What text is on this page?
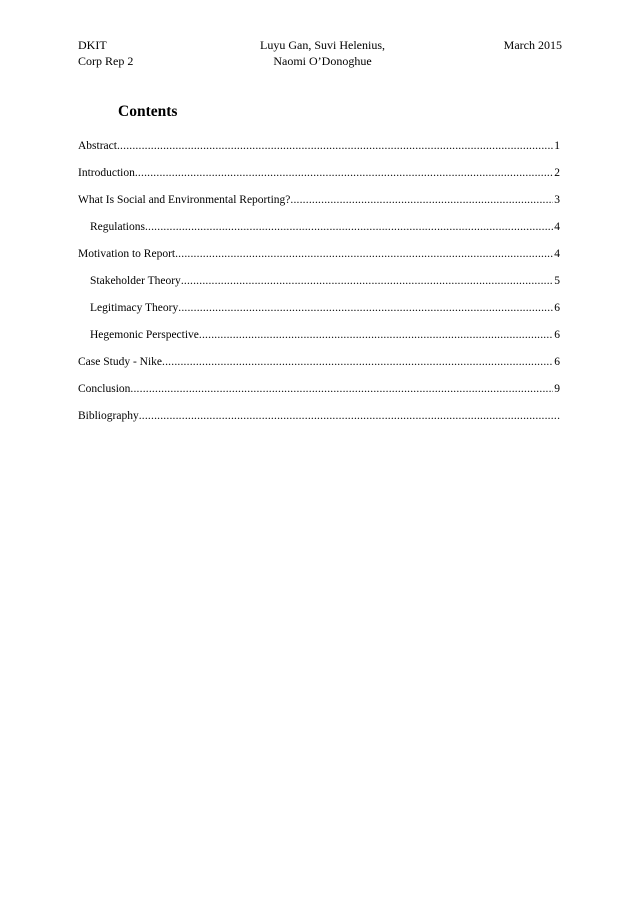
DKIT
Corp Rep 2
Luyu Gan, Suvi Helenius,
Naomi O’Donoghue
March 2015
Contents
Abstract .....	1
Introduction .....	2
What Is Social and Environmental Reporting? .....	3
Regulations .....	4
Motivation to Report .....	4
Stakeholder Theory .....	5
Legitimacy Theory .....	6
Hegemonic Perspective .....	6
Case Study - Nike .....	6
Conclusion .....	9
Bibliography .....	.
